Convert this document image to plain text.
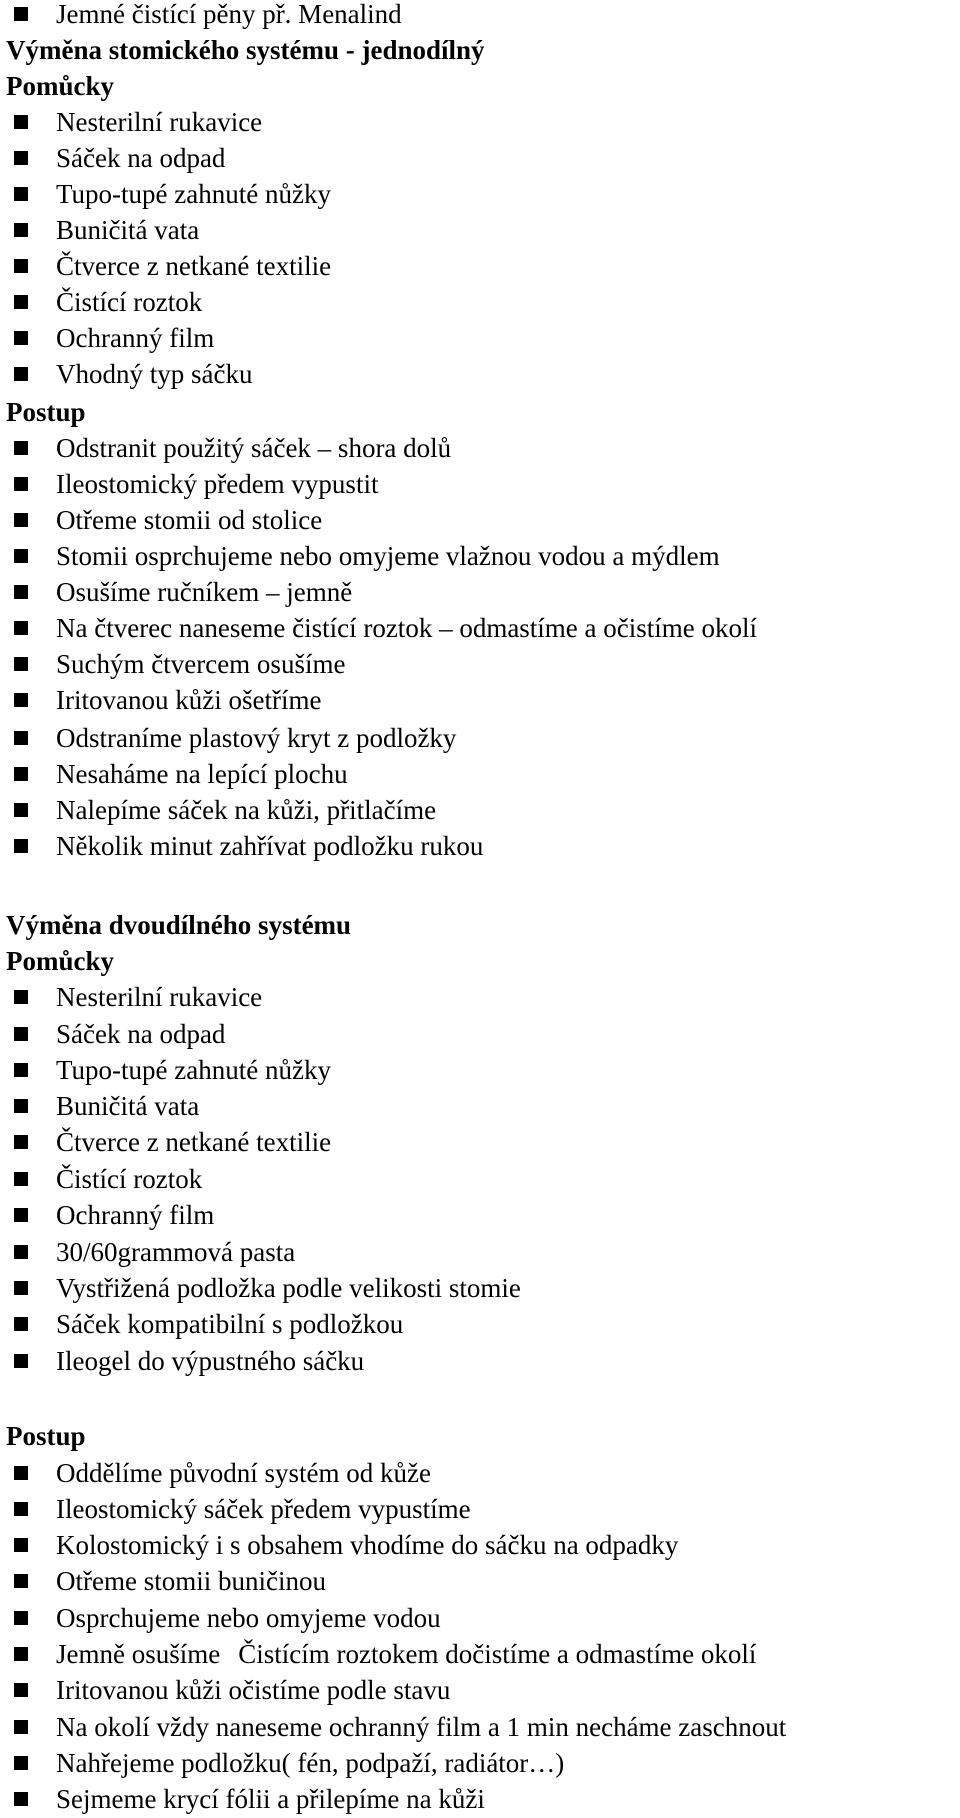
Jemné čistící pěny př. Menalind
Výměna stomického systému - jednodílný
Pomůcky
Nesterilní rukavice
Sáček na odpad
Tupo-tupé zahnuté nůžky
Buničitá vata
Čtverce z netkané textilie
Čistící roztok
Ochranný film
Vhodný typ sáčku
Postup
Odstranit použitý sáček – shora dolů
Ileostomický předem vypustit
Otřeme stomii od stolice
Stomii osprchujeme nebo omyjeme vlažnou vodou a mýdlem
Osušíme ručníkem – jemně
Na čtverec naneseme čistící roztok – odmastíme a očistíme okolí
Suchým čtvercem osušíme
Iritovanou kůži ošetříme
Odstraníme plastový kryt z podložky
Nesaháme na lepící plochu
Nalepíme sáček na kůži, přitlačíme
Několik minut zahřívat podložku rukou
Výměna dvoudílného systému
Pomůcky
Nesterilní rukavice
Sáček na odpad
Tupo-tupé zahnuté nůžky
Buničitá vata
Čtverce z netkané textilie
Čistící roztok
Ochranný film
30/60grammová pasta
Vystřižená podložka podle velikosti stomie
Sáček kompatibilní s podložkou
Ileogel do výpustného sáčku
Postup
Oddělíme původní systém od kůže
Ileostomický sáček předem vypustíme
Kolostomický i s obsahem vhodíme do sáčku na odpadky
Otřeme stomii buničinou
Osprchujeme nebo omyjeme vodou
Jemně osušíme Čistícím roztokem dočistíme a odmastíme okolí
Iritovanou kůži očistíme podle stavu
Na okolí vždy naneseme ochranný film a 1 min necháme zaschnout
Nahřejeme podložku( fén, podpaží, radiátor…)
Sejmeme krycí fólii a přilepíme na kůži
